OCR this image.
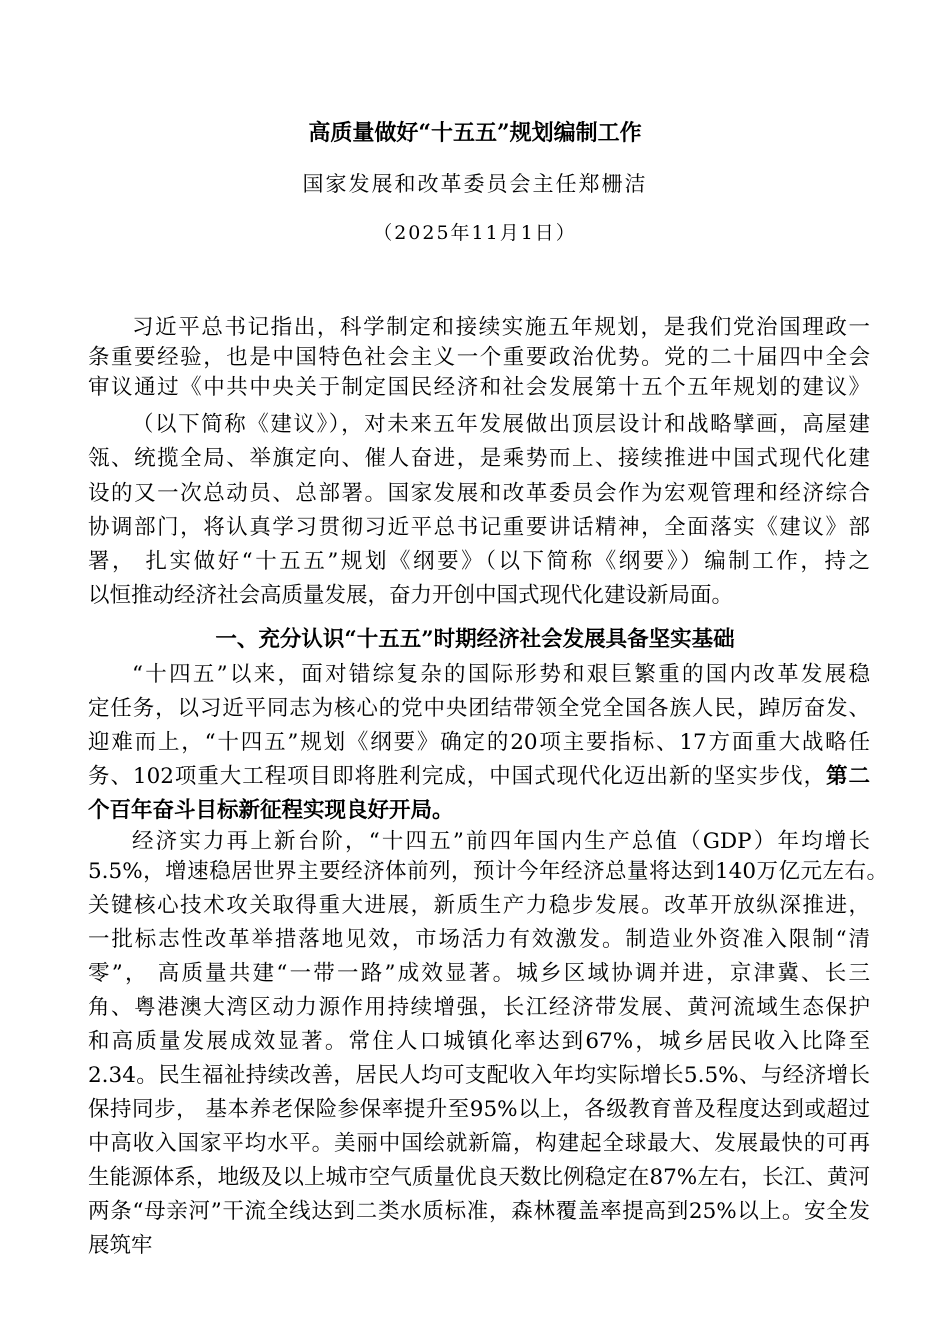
高质量做好“十五五”规划编制工作
国家发展和改革委员会主任郑栅洁
（2025年11月1日）
习近平总书记指出，科学制定和接续实施五年规划，是我们党治国理政一
条重要经验，也是中国特色社会主义一个重要政治优势。党的二十届四中全会
审议通过《中共中央关于制定国民经济和社会发展第十五个五年规划的建议》
（以下简称《建议》），对未来五年发展做出顶层设计和战略擘画，高屋建
瓴、统揽全局、举旗定向、催人奋进，是乘势而上、接续推进中国式现代化建
设的又一次总动员、总部署。国家发展和改革委员会作为宏观管理和经济综合
协调部门，将认真学习贯彻习近平总书记重要讲话精神，全面落实《建议》部
署， 扎实做好“十五五”规划《纲要》（以下简称《纲要》）编制工作，持之
以恒推动经济社会高质量发展，奋力开创中国式现代化建设新局面。
一、充分认识“十五五”时期经济社会发展具备坚实基础
“十四五”以来，面对错综复杂的国际形势和艰巨繁重的国内改革发展稳
定任务，以习近平同志为核心的党中央团结带领全党全国各族人民，踔厉奋发、
迎难而上，“十四五”规划《纲要》确定的20项主要指标、17方面重大战略任
务、102项重大工程项目即将胜利完成，中国式现代化迈出新的坚实步伐，第二
个百年奋斗目标新征程实现良好开局。
经济实力再上新台阶，“十四五”前四年国内生产总值（GDP）年均增长
5.5%，增速稳居世界主要经济体前列，预计今年经济总量将达到140万亿元左右。
关键核心技术攻关取得重大进展，新质生产力稳步发展。改革开放纵深推进，
一批标志性改革举措落地见效，市场活力有效激发。制造业外资准入限制“清
零”， 高质量共建“一带一路”成效显著。城乡区域协调并进，京津冀、长三
角、粤港澳大湾区动力源作用持续增强，长江经济带发展、黄河流域生态保护
和高质量发展成效显著。常住人口城镇化率达到67%，城乡居民收入比降至
2.34。民生福祉持续改善，居民人均可支配收入年均实际增长5.5%、与经济增长
保持同步， 基本养老保险参保率提升至95%以上，各级教育普及程度达到或超过
中高收入国家平均水平。美丽中国绘就新篇，构建起全球最大、发展最快的可再
生能源体系，地级及以上城市空气质量优良天数比例稳定在87%左右，长江、黄河
两条“母亲河”干流全线达到二类水质标准，森林覆盖率提高到25%以上。安全发
展筑牢
